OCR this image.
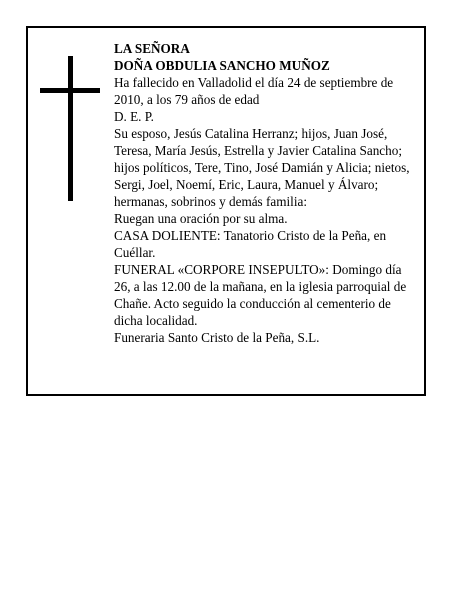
LA SEÑORA
DOÑA OBDULIA SANCHO MUÑOZ
Ha fallecido en Valladolid el día 24 de septiembre de 2010, a los 79 años de edad
D. E. P.
Su esposo, Jesús Catalina Herranz; hijos, Juan José, Teresa, María Jesús, Estrella y Javier Catalina Sancho; hijos políticos, Tere, Tino, José Damián y Alicia; nietos, Sergi, Joel, Noemí, Eric, Laura, Manuel y Álvaro; hermanas, sobrinos y demás familia:
Ruegan una oración por su alma.
CASA DOLIENTE: Tanatorio Cristo de la Peña, en Cuéllar.
FUNERAL «CORPORE INSEPULTO»: Domingo día 26, a las 12.00 de la mañana, en la iglesia parroquial de Chañe. Acto seguido la conducción al cementerio de dicha localidad.
Funeraria Santo Cristo de la Peña, S.L.
